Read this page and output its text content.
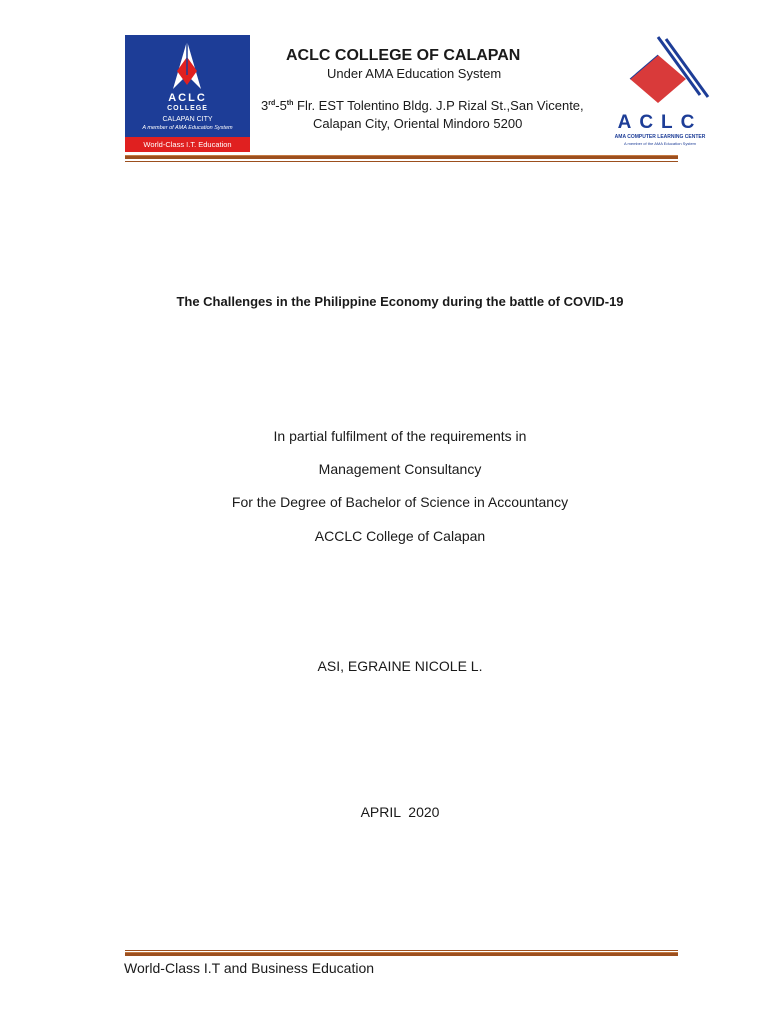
ACLC
COLLEGE
CALAPAN CITY
A member of AMA Education System
World-Class I.T. Education
ACLC COLLEGE OF CALAPAN
Under AMA Education System
3rd-5th Flr. EST Tolentino Bldg. J.P Rizal St.,San Vicente,
Calapan City, Oriental Mindoro 5200	ACLC
AMA COMPUTER LEARNING CENTER
A member of the AMA Education System
The Challenges in the Philippine Economy during the battle of COVID-19
In partial fulfilment of the requirements in
Management Consultancy
For the Degree of Bachelor of Science in Accountancy
ACCLC College of Calapan
ASI, EGRAINE NICOLE L.
APRIL  2020
World-Class I.T and Business Education
